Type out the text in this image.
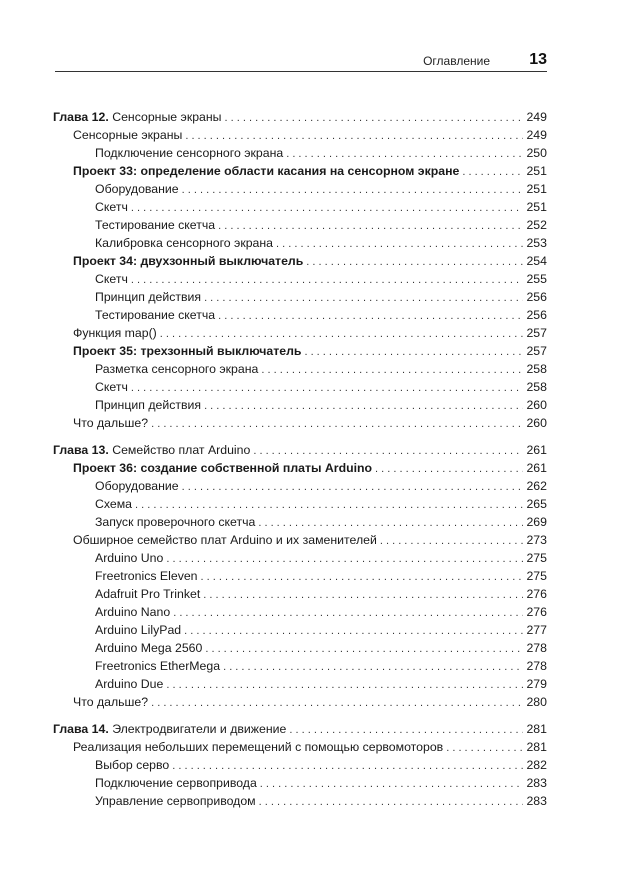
Оглавление 13
Глава 12. Сенсорные экраны . . .	249
Сенсорные экраны . . .	249
Подключение сенсорного экрана . . .	250
Проект 33: определение области касания на сенсорном экране . . .	251
Оборудование . . .	251
Скетч . . .	251
Тестирование скетча . . .	252
Калибровка сенсорного экрана . . .	253
Проект 34: двухзонный выключатель . . .	254
Скетч . . .	255
Принцип действия . . .	256
Тестирование скетча . . .	256
Функция map() . . .	257
Проект 35: трехзонный выключатель . . .	257
Разметка сенсорного экрана . . .	258
Скетч . . .	258
Принцип действия . . .	260
Что дальше? . . .	260
Глава 13. Семейство плат Arduino . . .	261
Проект 36: создание собственной платы Arduino . . .	261
Оборудование . . .	262
Схема . . .	265
Запуск проверочного скетча . . .	269
Обширное семейство плат Arduino и их заменителей . . .	273
Arduino Uno . . .	275
Freetronics Eleven . . .	275
Adafruit Pro Trinket . . .	276
Arduino Nano . . .	276
Arduino LilyPad . . .	277
Arduino Mega 2560 . . .	278
Freetronics EtherMega . . .	278
Arduino Due . . .	279
Что дальше? . . .	280
Глава 14. Электродвигатели и движение . . .	281
Реализация небольших перемещений с помощью сервомоторов . . .	281
Выбор серво . . .	282
Подключение сервопривода . . .	283
Управление сервоприводом . . .	283
